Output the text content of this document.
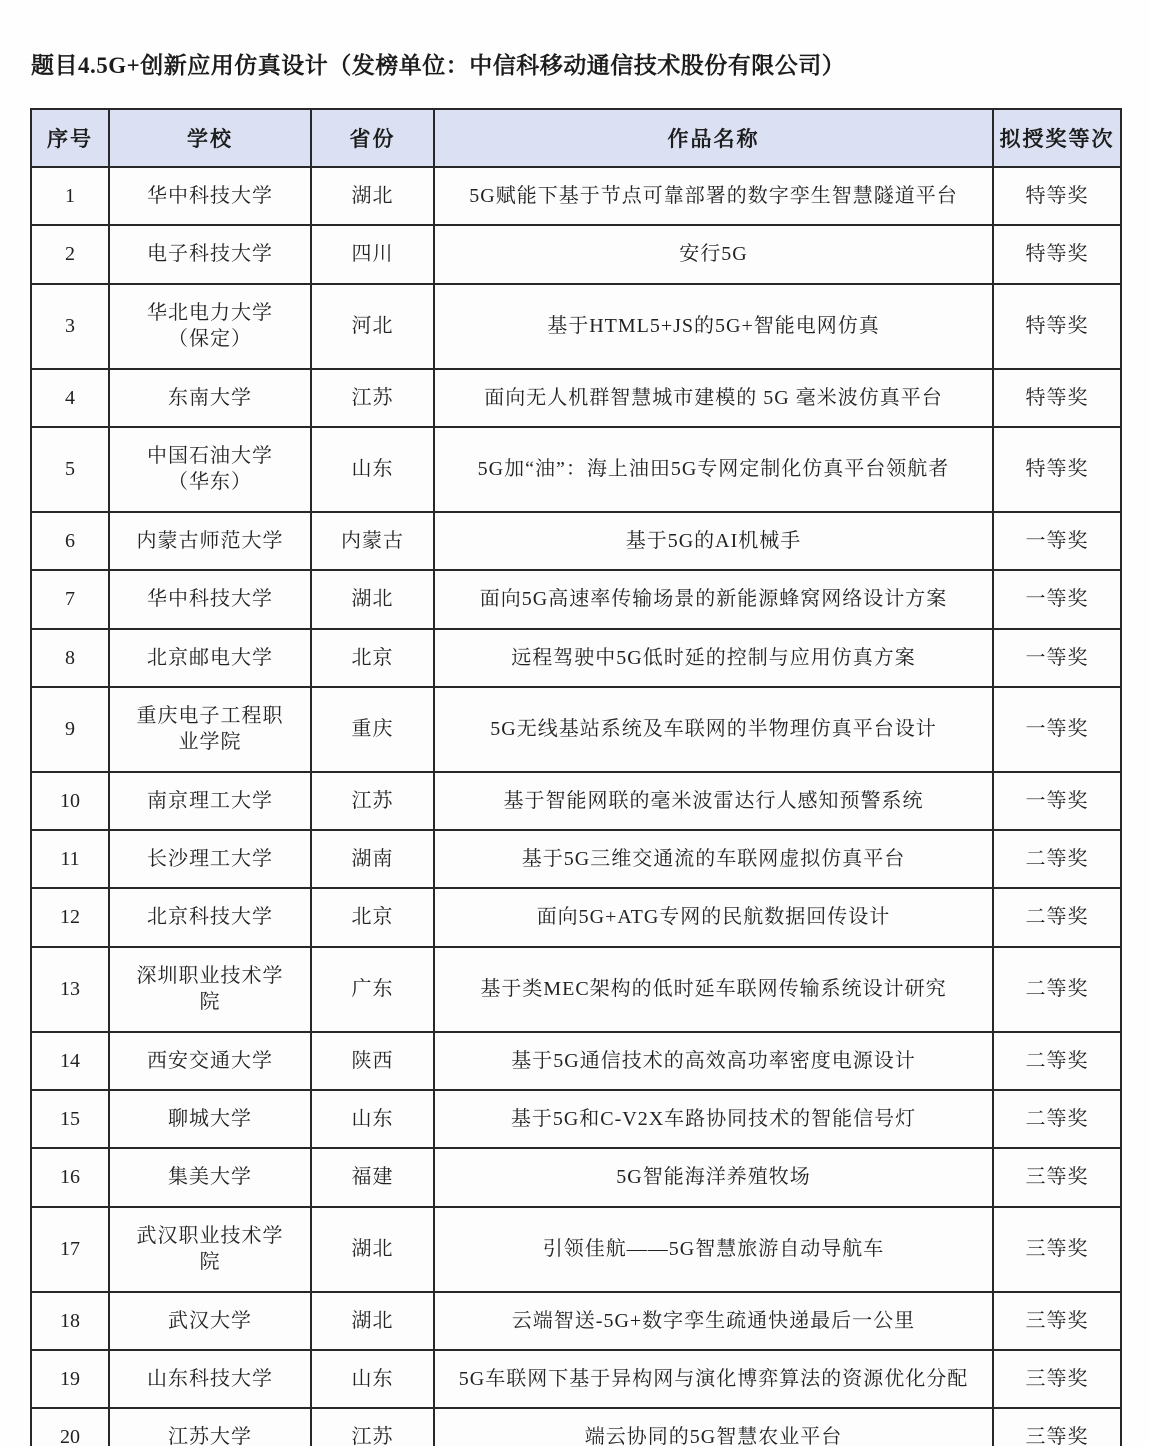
题目4.5G+创新应用仿真设计（发榜单位：中信科移动通信技术股份有限公司）
序号	学校	省份	作品名称	拟授奖等次
1	华中科技大学	湖北	5G赋能下基于节点可靠部署的数字孪生智慧隧道平台	特等奖
2	电子科技大学	四川	安行5G	特等奖
3	华北电力大学（保定）	河北	基于HTML5+JS的5G+智能电网仿真	特等奖
4	东南大学	江苏	面向无人机群智慧城市建模的 5G 毫米波仿真平台	特等奖
5	中国石油大学（华东）	山东	5G加“油”：海上油田5G专网定制化仿真平台领航者	特等奖
6	内蒙古师范大学	内蒙古	基于5G的AI机械手	一等奖
7	华中科技大学	湖北	面向5G高速率传输场景的新能源蜂窝网络设计方案	一等奖
8	北京邮电大学	北京	远程驾驶中5G低时延的控制与应用仿真方案	一等奖
9	重庆电子工程职业学院	重庆	5G无线基站系统及车联网的半物理仿真平台设计	一等奖
10	南京理工大学	江苏	基于智能网联的毫米波雷达行人感知预警系统	一等奖
11	长沙理工大学	湖南	基于5G三维交通流的车联网虚拟仿真平台	二等奖
12	北京科技大学	北京	面向5G+ATG专网的民航数据回传设计	二等奖
13	深圳职业技术学院	广东	基于类MEC架构的低时延车联网传输系统设计研究	二等奖
14	西安交通大学	陕西	基于5G通信技术的高效高功率密度电源设计	二等奖
15	聊城大学	山东	基于5G和C-V2X车路协同技术的智能信号灯	二等奖
16	集美大学	福建	5G智能海洋养殖牧场	三等奖
17	武汉职业技术学院	湖北	引领佳航——5G智慧旅游自动导航车	三等奖
18	武汉大学	湖北	云端智送-5G+数字孪生疏通快递最后一公里	三等奖
19	山东科技大学	山东	5G车联网下基于异构网与演化博弈算法的资源优化分配	三等奖
20	江苏大学	江苏	端云协同的5G智慧农业平台	三等奖
